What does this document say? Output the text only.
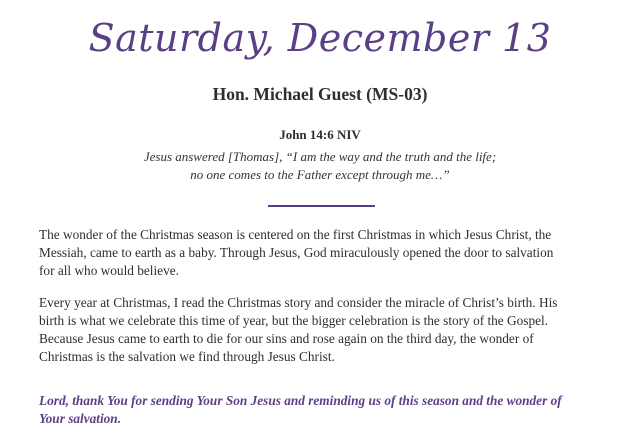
Saturday, December 13
Hon. Michael Guest (MS-03)
John 14:6 NIV
Jesus answered [Thomas], “I am the way and the truth and the life;
no one comes to the Father except through me…”
The wonder of the Christmas season is centered on the first Christmas in which Jesus Christ, the
Messiah, came to earth as a baby. Through Jesus, God miraculously opened the door to salvation
for all who would believe.
Every year at Christmas, I read the Christmas story and consider the miracle of Christ’s birth. His
birth is what we celebrate this time of year, but the bigger celebration is the story of the Gospel.
Because Jesus came to earth to die for our sins and rose again on the third day, the wonder of
Christmas is the salvation we find through Jesus Christ.
Lord, thank You for sending Your Son Jesus and reminding us of this season and the wonder of
Your salvation.
